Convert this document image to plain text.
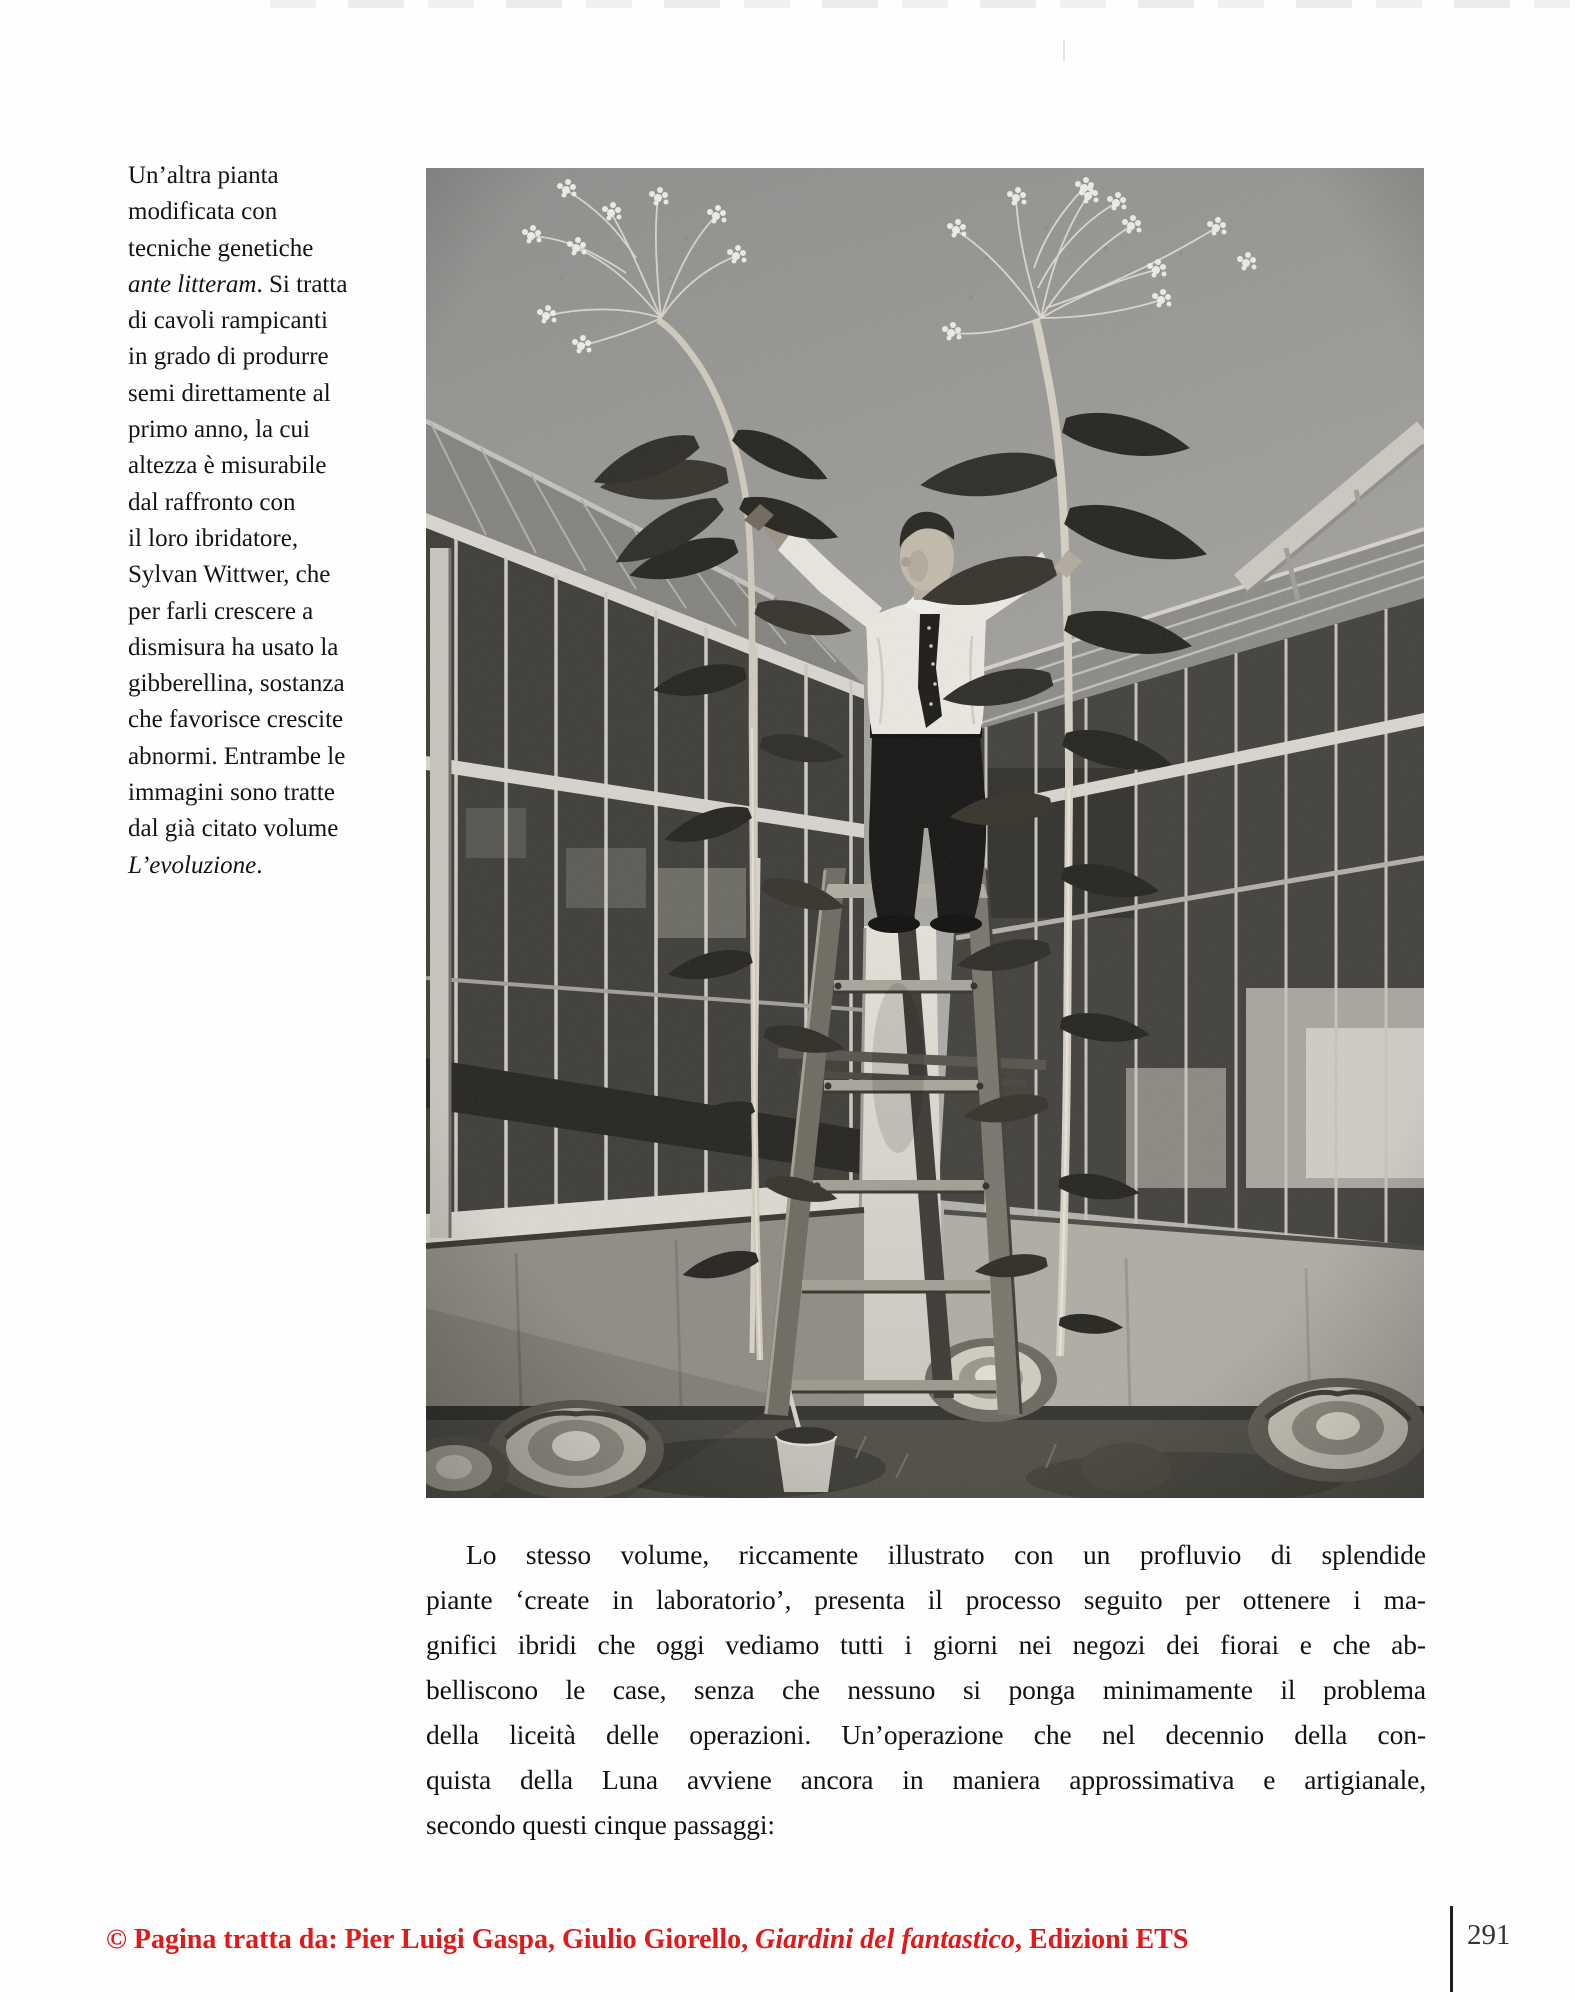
Un’altra pianta
modificata con
tecniche genetiche
ante litteram. Si tratta
di cavoli rampicanti
in grado di produrre
semi direttamente al
primo anno, la cui
altezza è misurabile
dal raffronto con
il loro ibridatore,
Sylvan Wittwer, che
per farli crescere a
dismisura ha usato la
gibberellina, sostanza
che favorisce crescite
abnormi. Entrambe le
immagini sono tratte
dal già citato volume
L’evoluzione.
Lo stesso volume, riccamente illustrato con un profluvio di splendide
piante ‘create in laboratorio’, presenta il processo seguito per ottenere i ma-
gnifici ibridi che oggi vediamo tutti i giorni nei negozi dei fiorai e che ab-
belliscono le case, senza che nessuno si ponga minimamente il problema
della liceità delle operazioni. Un’operazione che nel decennio della con-
quista della Luna avviene ancora in maniera approssimativa e artigianale,
secondo questi cinque passaggi:
© Pagina tratta da: Pier Luigi Gaspa, Giulio Giorello, Giardini del fantastico, Edizioni ETS	291
